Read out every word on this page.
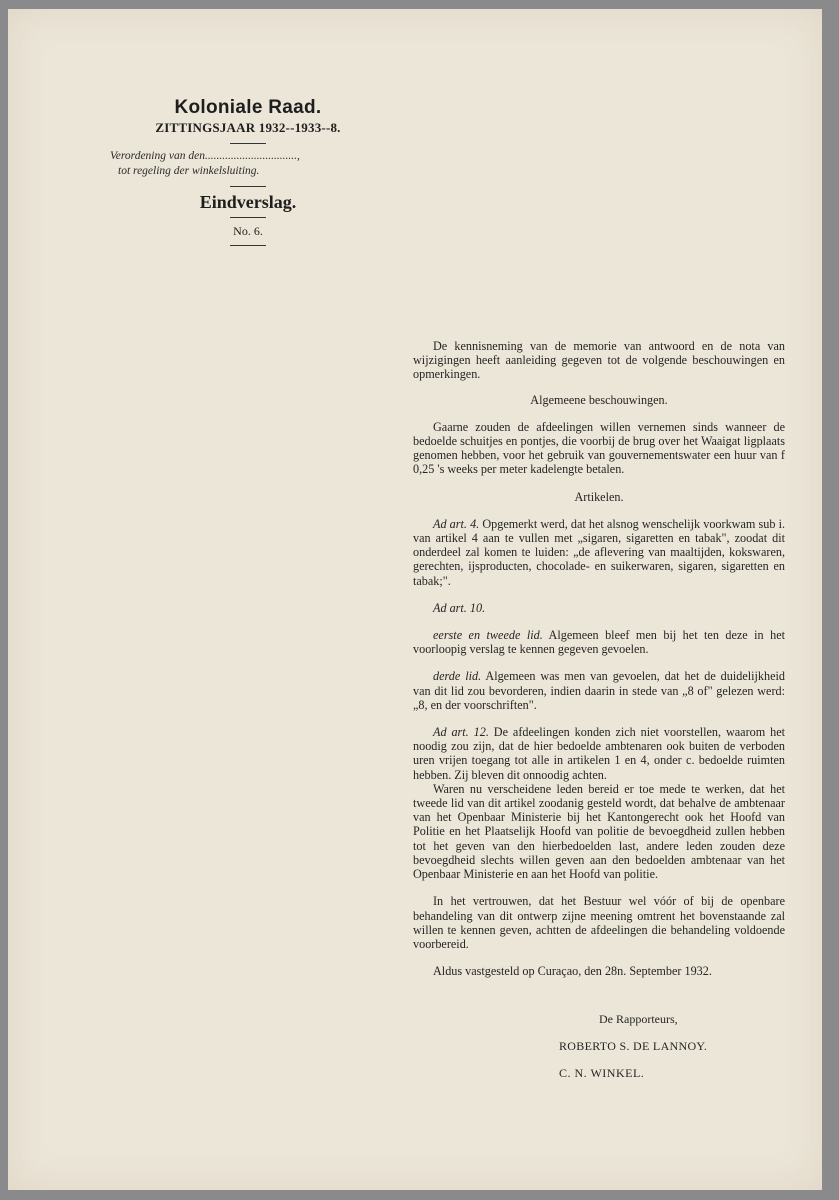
Koloniale Raad.
ZITTINGSJAAR 1932--1933--8.
Verordening van den................................,
tot regeling der winkelsluiting.
Eindverslag.
No. 6.

De kennisneming van de memorie van antwoord en de nota van wijzigingen heeft aanleiding gegeven tot de volgende beschouwingen en opmerkingen.

Algemeene beschouwingen.

Gaarne zouden de afdeelingen willen vernemen sinds wanneer de bedoelde schuitjes en pontjes, die voorbij de brug over het Waaigat ligplaats genomen hebben, voor het gebruik van gouvernementswater een huur van f 0,25 's weeks per meter kadelengte betalen.

Artikelen.

Ad art. 4. Opgemerkt werd, dat het alsnog wenschelijk voorkwam sub i. van artikel 4 aan te vullen met „sigaren, sigaretten en tabak", zoodat dit onderdeel zal komen te luiden: „de aflevering van maaltijden, kokswaren, gerechten, ijsproducten, chocolade- en suikerwaren, sigaren, sigaretten en tabak;".

Ad art. 10.

eerste en tweede lid. Algemeen bleef men bij het ten deze in het voorloopig verslag te kennen gegeven gevoelen.

derde lid. Algemeen was men van gevoelen, dat het de duidelijkheid van dit lid zou bevorderen, indien daarin in stede van „8 of" gelezen werd: „8, en der voorschriften".

Ad art. 12. De afdeelingen konden zich niet voorstellen, waarom het noodig zou zijn, dat de hier bedoelde ambtenaren ook buiten de verboden uren vrijen toegang tot alle in artikelen 1 en 4, onder c. bedoelde ruimten hebben. Zij bleven dit onnoodig achten.

Waren nu verscheidene leden bereid er toe mede te werken, dat het tweede lid van dit artikel zoodanig gesteld wordt, dat behalve de ambtenaar van het Openbaar Ministerie bij het Kantongerecht ook het Hoofd van Politie en het Plaatselijk Hoofd van politie de bevoegdheid zullen hebben tot het geven van den hierbedoelden last, andere leden zouden deze bevoegdheid slechts willen geven aan den bedoelden ambtenaar van het Openbaar Ministerie en aan het Hoofd van politie.

In het vertrouwen, dat het Bestuur wel vóór of bij de openbare behandeling van dit ontwerp zijne meening omtrent het bovenstaande zal willen te kennen geven, achtten de afdeelingen die behandeling voldoende voorbereid.

Aldus vastgesteld op Curaçao, den 28n. September 1932.

De Rapporteurs,
ROBERTO S. DE LANNOY.
C. N. WINKEL.
